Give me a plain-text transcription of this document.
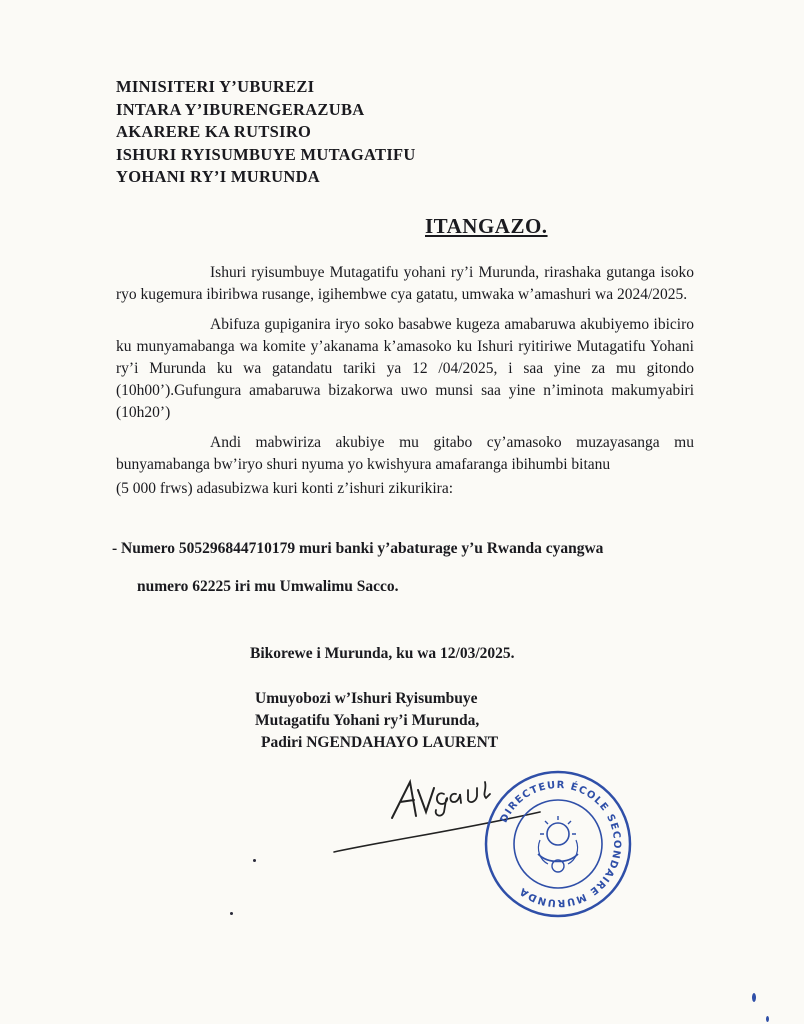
MINISITERI Y’UBUREZI
INTARA Y’IBURENGERAZUBA
AKARERE KA RUTSIRO
ISHURI RYISUMBUYE MUTAGATIFU
YOHANI RY’I MURUNDA
ITANGAZO.

Ishuri ryisumbuye Mutagatifu yohani ry’i Murunda, rirashaka gutanga isoko ryo kugemura ibiribwa rusange, igihembwe cya gatatu, umwaka w’amashuri wa 2024/2025.

Abifuza gupiganira iryo soko basabwe kugeza amabaruwa akubiyemo ibiciro ku munyamabanga wa komite y’akanama k’amasoko ku Ishuri ryitiriwe Mutagatifu Yohani ry’i Murunda ku wa gatandatu tariki ya 12 /04/2025, i saa yine za mu gitondo (10h00’).Gufungura amabaruwa bizakorwa uwo munsi saa yine n’iminota makumyabiri (10h20’)

Andi mabwiriza akubiye mu gitabo cy’amasoko muzayasanga mu bunyamabanga bw’iryo shuri nyuma yo kwishyura amafaranga ibihumbi bitanu

(5 000 frws) adasubizwa kuri konti z’ishuri zikurikira:

- Numero 505296844710179 muri banki y’abaturage y’u Rwanda cyangwa
numero 62225 iri mu Umwalimu Sacco.
Bikorewe i Murunda, ku wa 12/03/2025.
Umuyobozi w’Ishuri Ryisumbuye
Mutagatifu Yohani ry’i Murunda,
Padiri NGENDAHAYO LAURENT
DIRECTEUR ÉCOLE SECONDAIRE MURUNDA
